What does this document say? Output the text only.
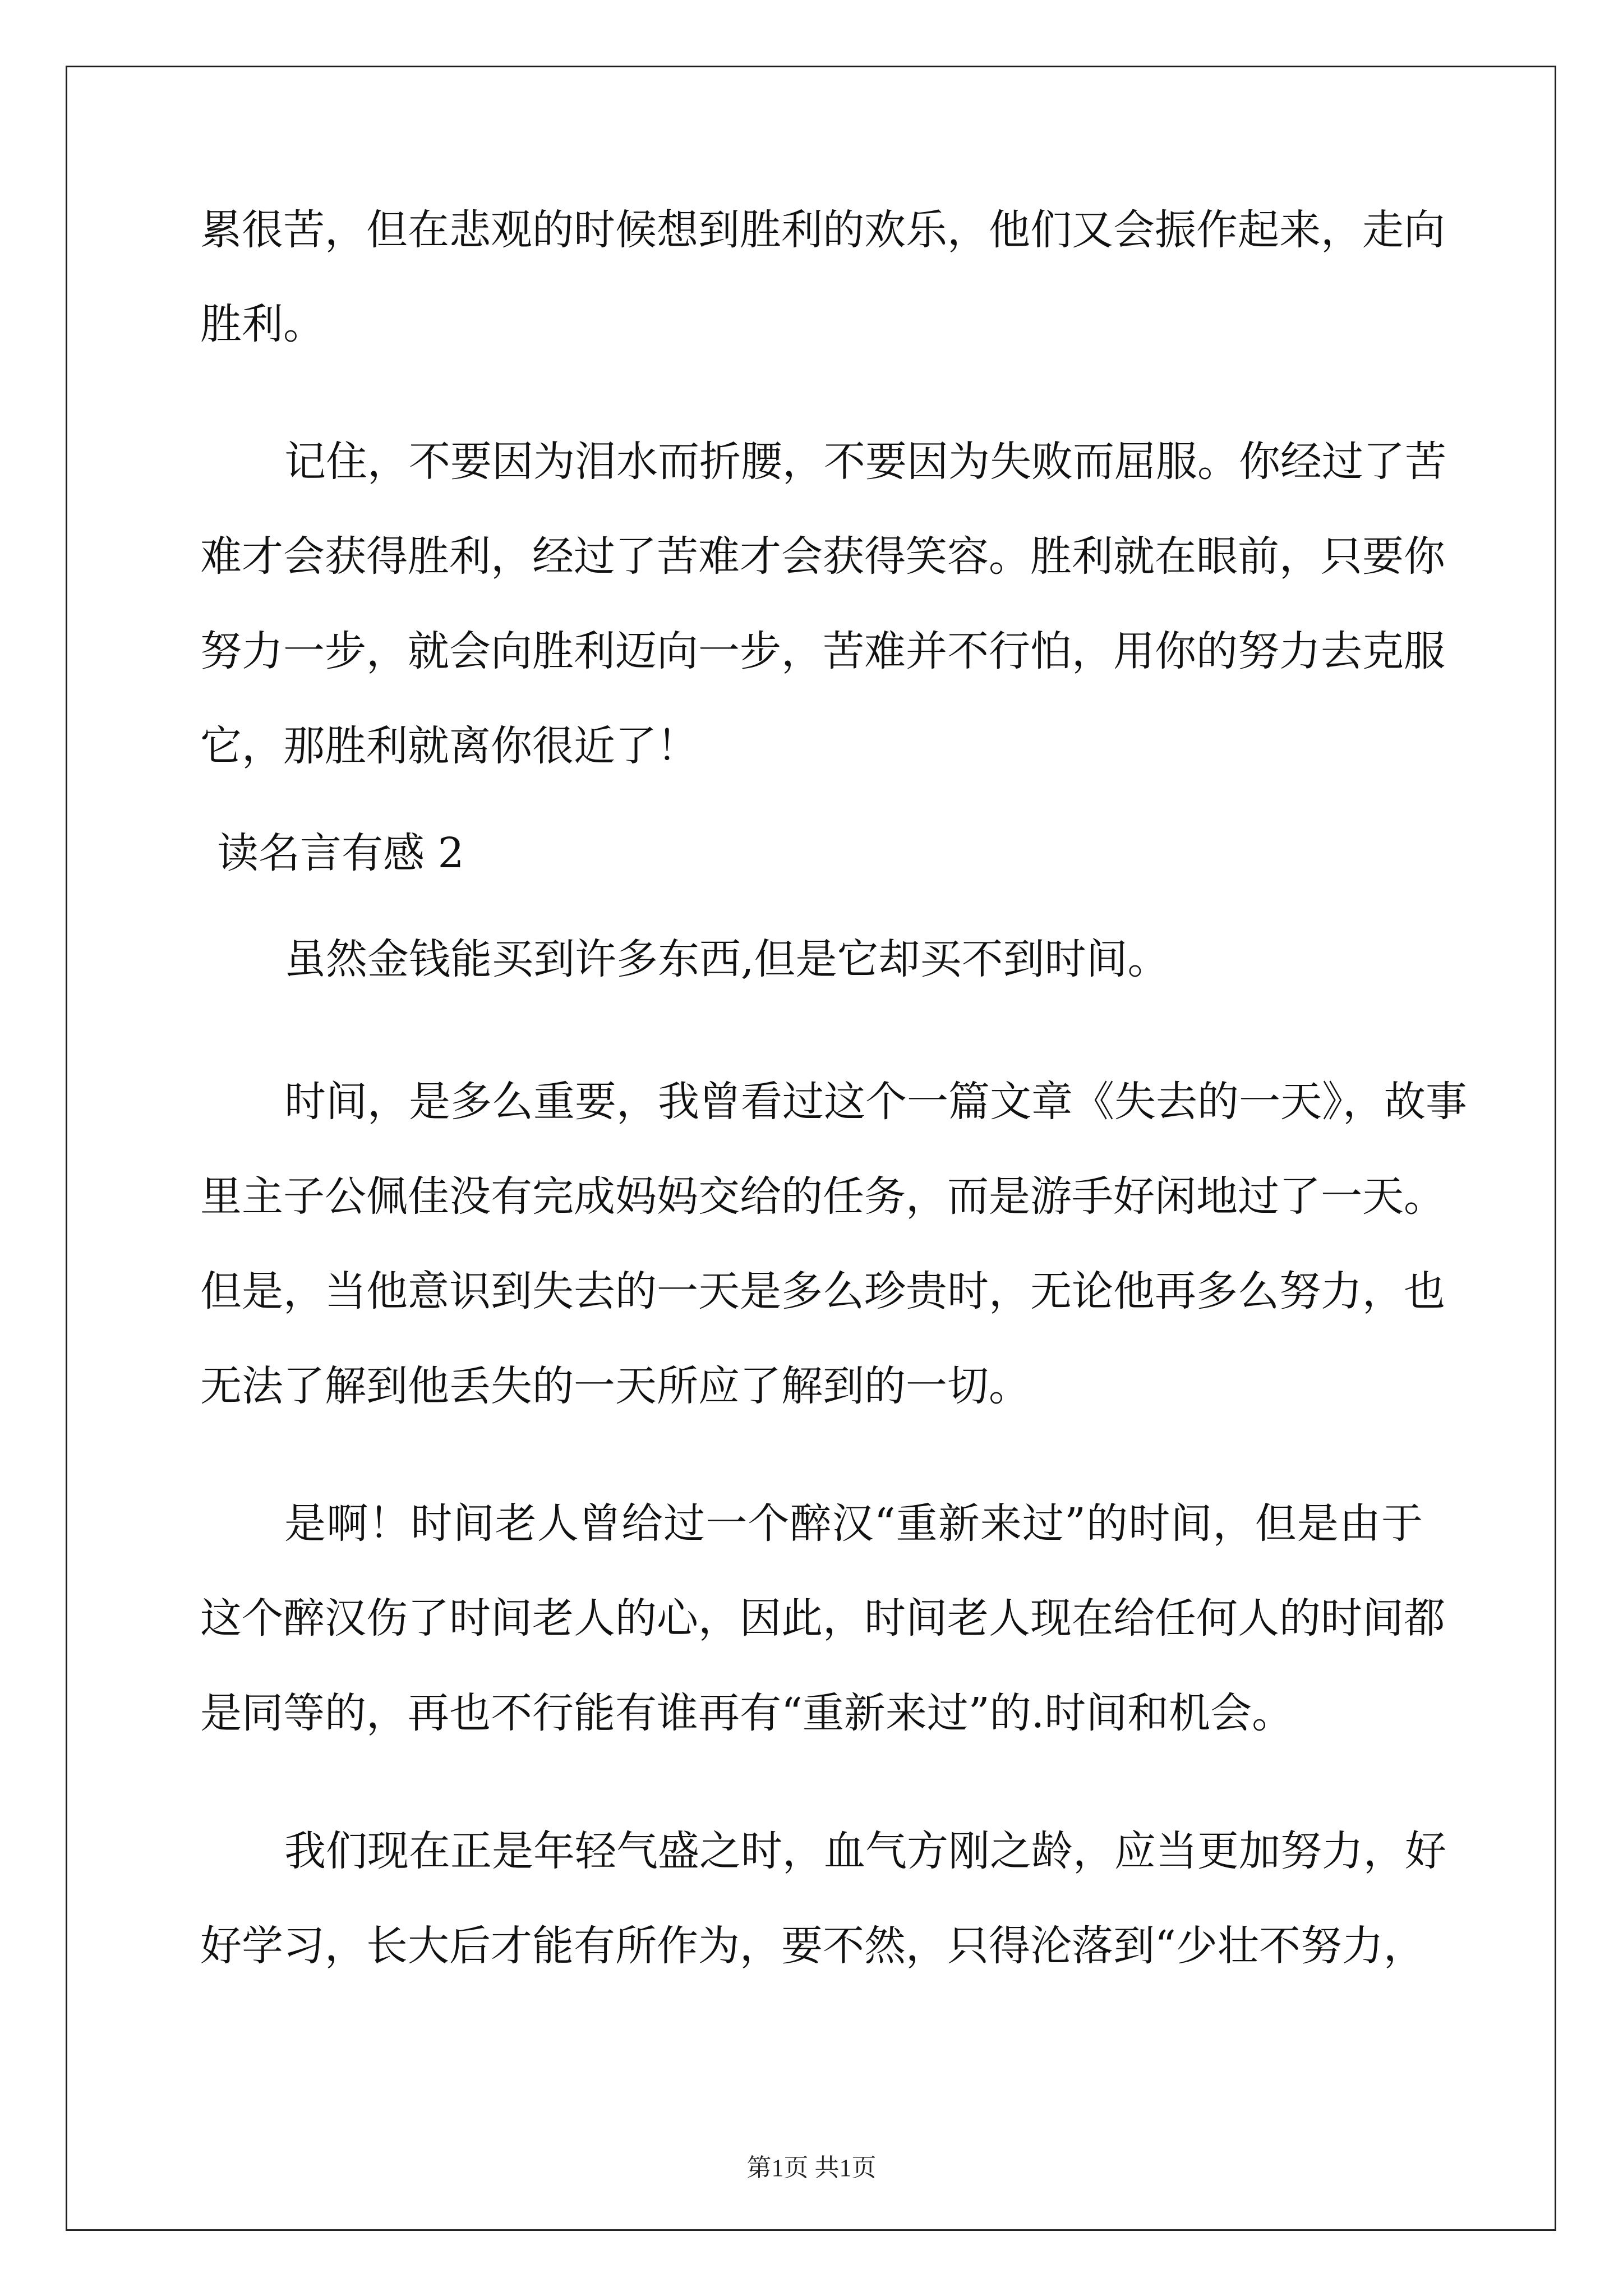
累很苦，但在悲观的时候想到胜利的欢乐，他们又会振作起来，走向
胜利。
记住，不要因为泪水而折腰，不要因为失败而屈服。你经过了苦
难才会获得胜利，经过了苦难才会获得笑容。胜利就在眼前，只要你
努力一步，就会向胜利迈向一步，苦难并不行怕，用你的努力去克服
它，那胜利就离你很近了！
读名言有感 2
虽然金钱能买到许多东西,但是它却买不到时间。
时间，是多么重要，我曾看过这个一篇文章《失去的一天》，故事
里主子公佩佳没有完成妈妈交给的任务，而是游手好闲地过了一天。
但是，当他意识到失去的一天是多么珍贵时，无论他再多么努力，也
无法了解到他丢失的一天所应了解到的一切。
是啊！时间老人曾给过一个醉汉“重新来过”的时间，但是由于
这个醉汉伤了时间老人的心，因此，时间老人现在给任何人的时间都
是同等的，再也不行能有谁再有“重新来过”的.时间和机会。
我们现在正是年轻气盛之时，血气方刚之龄，应当更加努力，好
好学习，长大后才能有所作为，要不然，只得沦落到“少壮不努力，
第1页 共1页
